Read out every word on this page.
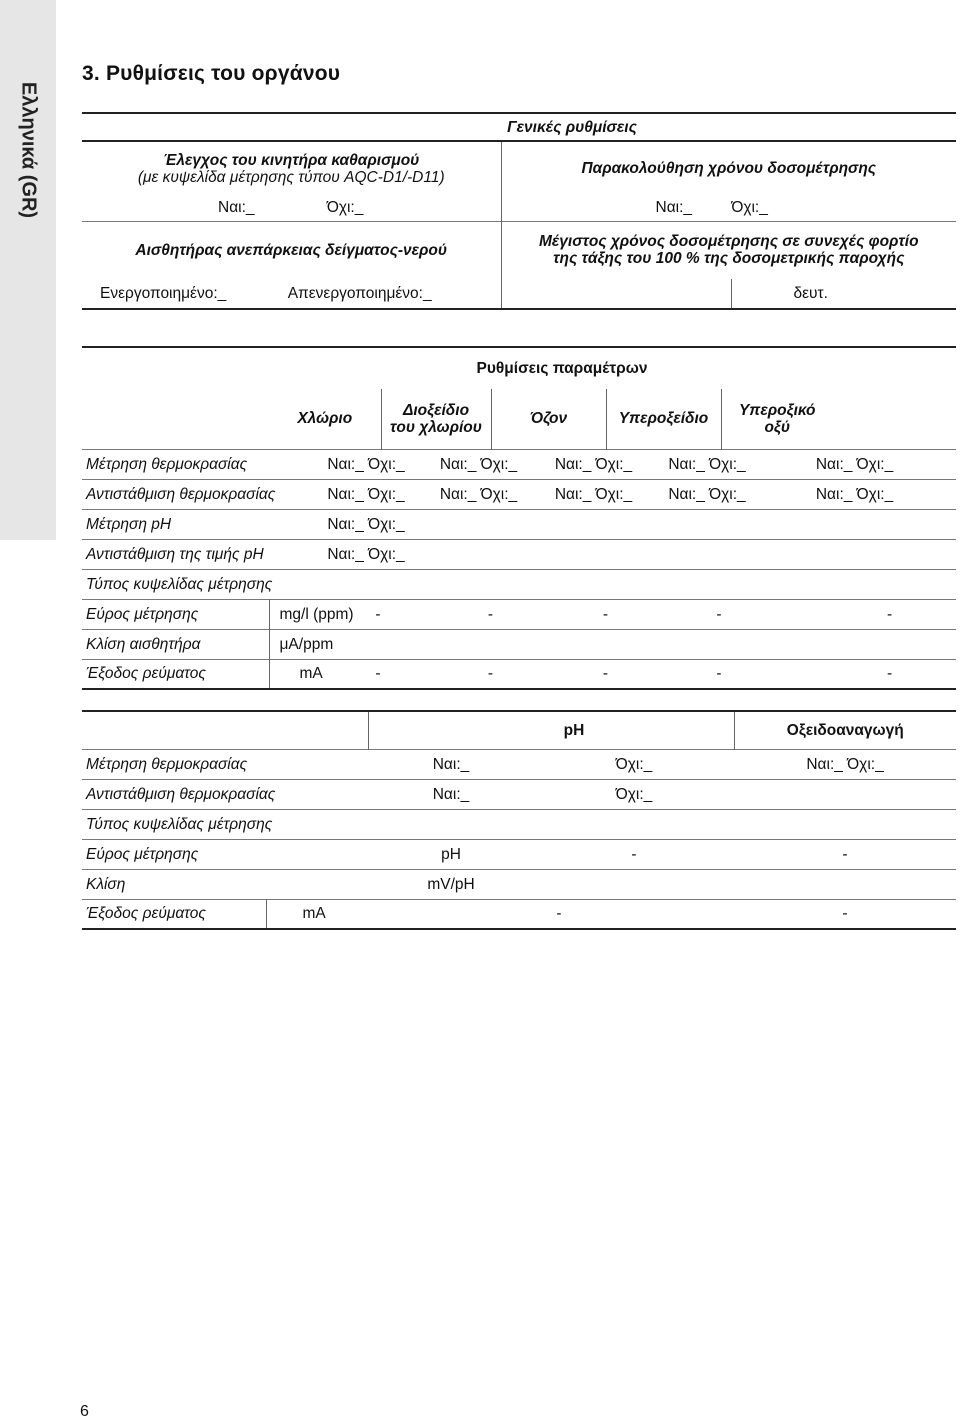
Ελληνικά (GR)
3. Ρυθμίσεις του οργάνου
Γενικές ρυθμίσεις		

Έλεγχος του κινητήρα καθαρισμού
(με κυψελίδα μέτρησης τύπου AQC-D1/-D11)	Παρακολούθηση χρόνου δοσομέτρησης	
Ναι:_ Όχι:_	Ναι:_ Όχι:_	
Αισθητήρας ανεπάρκειας δείγματος-νερού	Μέγιστος χρόνος δοσομέτρησης σε συνεχές φορτίο
της τάξης του 100 % της δοσομετρικής παροχής	

Ενεργοποιημένο:_ Απενεργοποιημένο:_		δευτ.
Ρυθμίσεις παραμέτρων
	Χλώριο	Διοξείδιο
του χλωρίου	Όζον	Υπεροξείδιο	Υπεροξικό οξύ	
Μέτρηση θερμοκρασίας	Ναι:_ Όχι:_	Ναι:_ Όχι:_	Ναι:_ Όχι:_	Ναι:_ Όχι:_	Ναι:_ Όχι:_
Αντιστάθμιση θερμοκρασίας	Ναι:_ Όχι:_	Ναι:_ Όχι:_	Ναι:_ Όχι:_	Ναι:_ Όχι:_	Ναι:_ Όχι:_
Μέτρηση pH	Ναι:_ Όχι:_	
Αντιστάθμιση της τιμής pH	Ναι:_ Όχι:_	
Τύπος κυψελίδας μέτρησης
Εύρος μέτρησης	mg/l (ppm)	-	-	-	-	-
Κλίση αισθητήρα	μA/ppm	
Έξοδος ρεύματος	mA	-	-	-	-	-
		pH		Οξειδοαναγωγή
Μέτρηση θερμοκρασίας		Ναι:_	Όχι:_	Ναι:_ Όχι:_
Αντιστάθμιση θερμοκρασίας		Ναι:_	Όχι:_	
Τύπος κυψελίδας μέτρησης				
Εύρος μέτρησης		pH	-	-
Κλίση		mV/pH		
Έξοδος ρεύματος	mA	-		-
6
